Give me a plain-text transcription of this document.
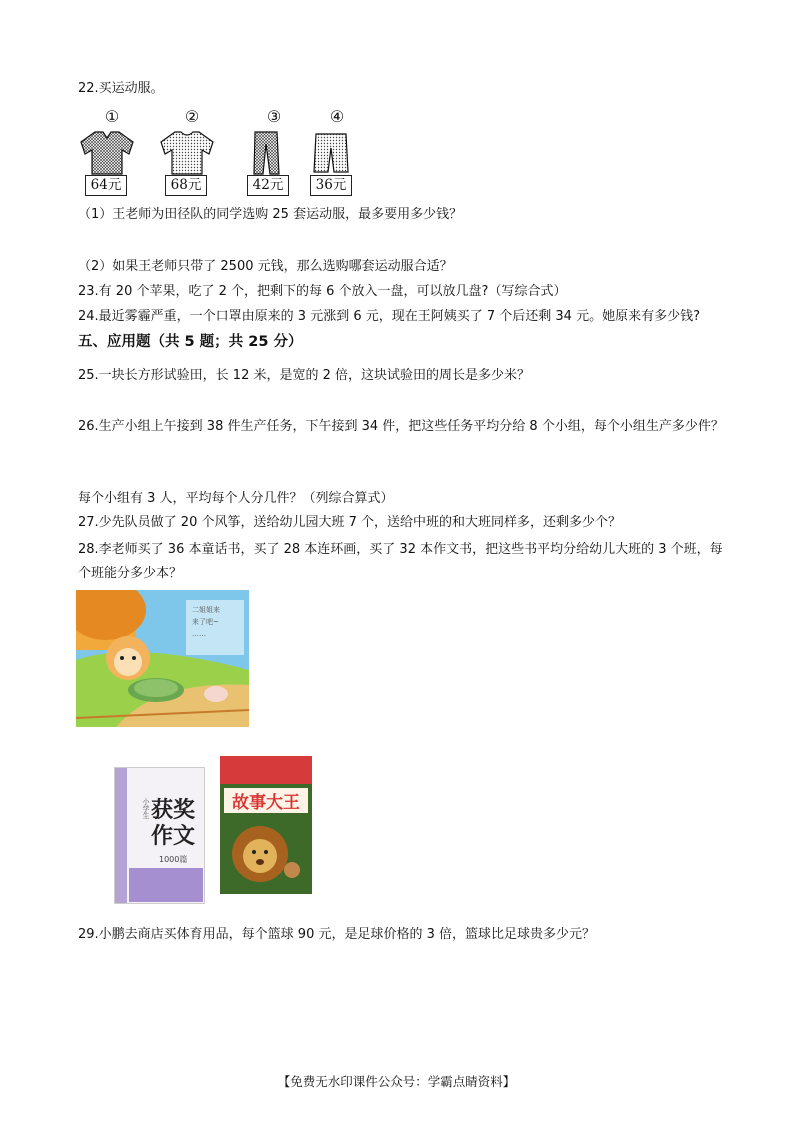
22.买运动服。
①
64元
②
68元
③
42元
④
36元
（1）王老师为田径队的同学选购 25 套运动服，最多要用多少钱？
（2）如果王老师只带了 2500 元钱，那么选购哪套运动服合适？
23.有 20 个苹果，吃了 2 个，把剩下的每 6 个放入一盘，可以放几盘?（写综合式）
24.最近雾霾严重，一个口罩由原来的 3 元涨到 6 元，现在王阿姨买了 7 个后还剩 34 元。她原来有多少钱?
五、应用题（共 5 题；共 25 分）
25.一块长方形试验田，长 12 米，是宽的 2 倍，这块试验田的周长是多少米？
26.生产小组上午接到 38 件生产任务，下午接到 34 件，把这些任务平均分给 8 个小组，每个小组生产多少件？
每个小组有 3 人，平均每个人分几件？（列综合算式）
27.少先队员做了 20 个风筝，送给幼儿园大班 7 个，送给中班的和大班同样多，还剩多少个？
28.李老师买了 36 本童话书，买了 28 本连环画，买了 32 本作文书，把这些书平均分给幼儿大班的 3 个班，每个班能分多少本？
二姐姐来
来了吧~
……
小学生 获奖作文
1000篇
故事大王
29.小鹏去商店买体育用品，每个篮球 90 元，是足球价格的 3 倍，篮球比足球贵多少元？
【免费无水印课件公众号：学霸点睛资料】
